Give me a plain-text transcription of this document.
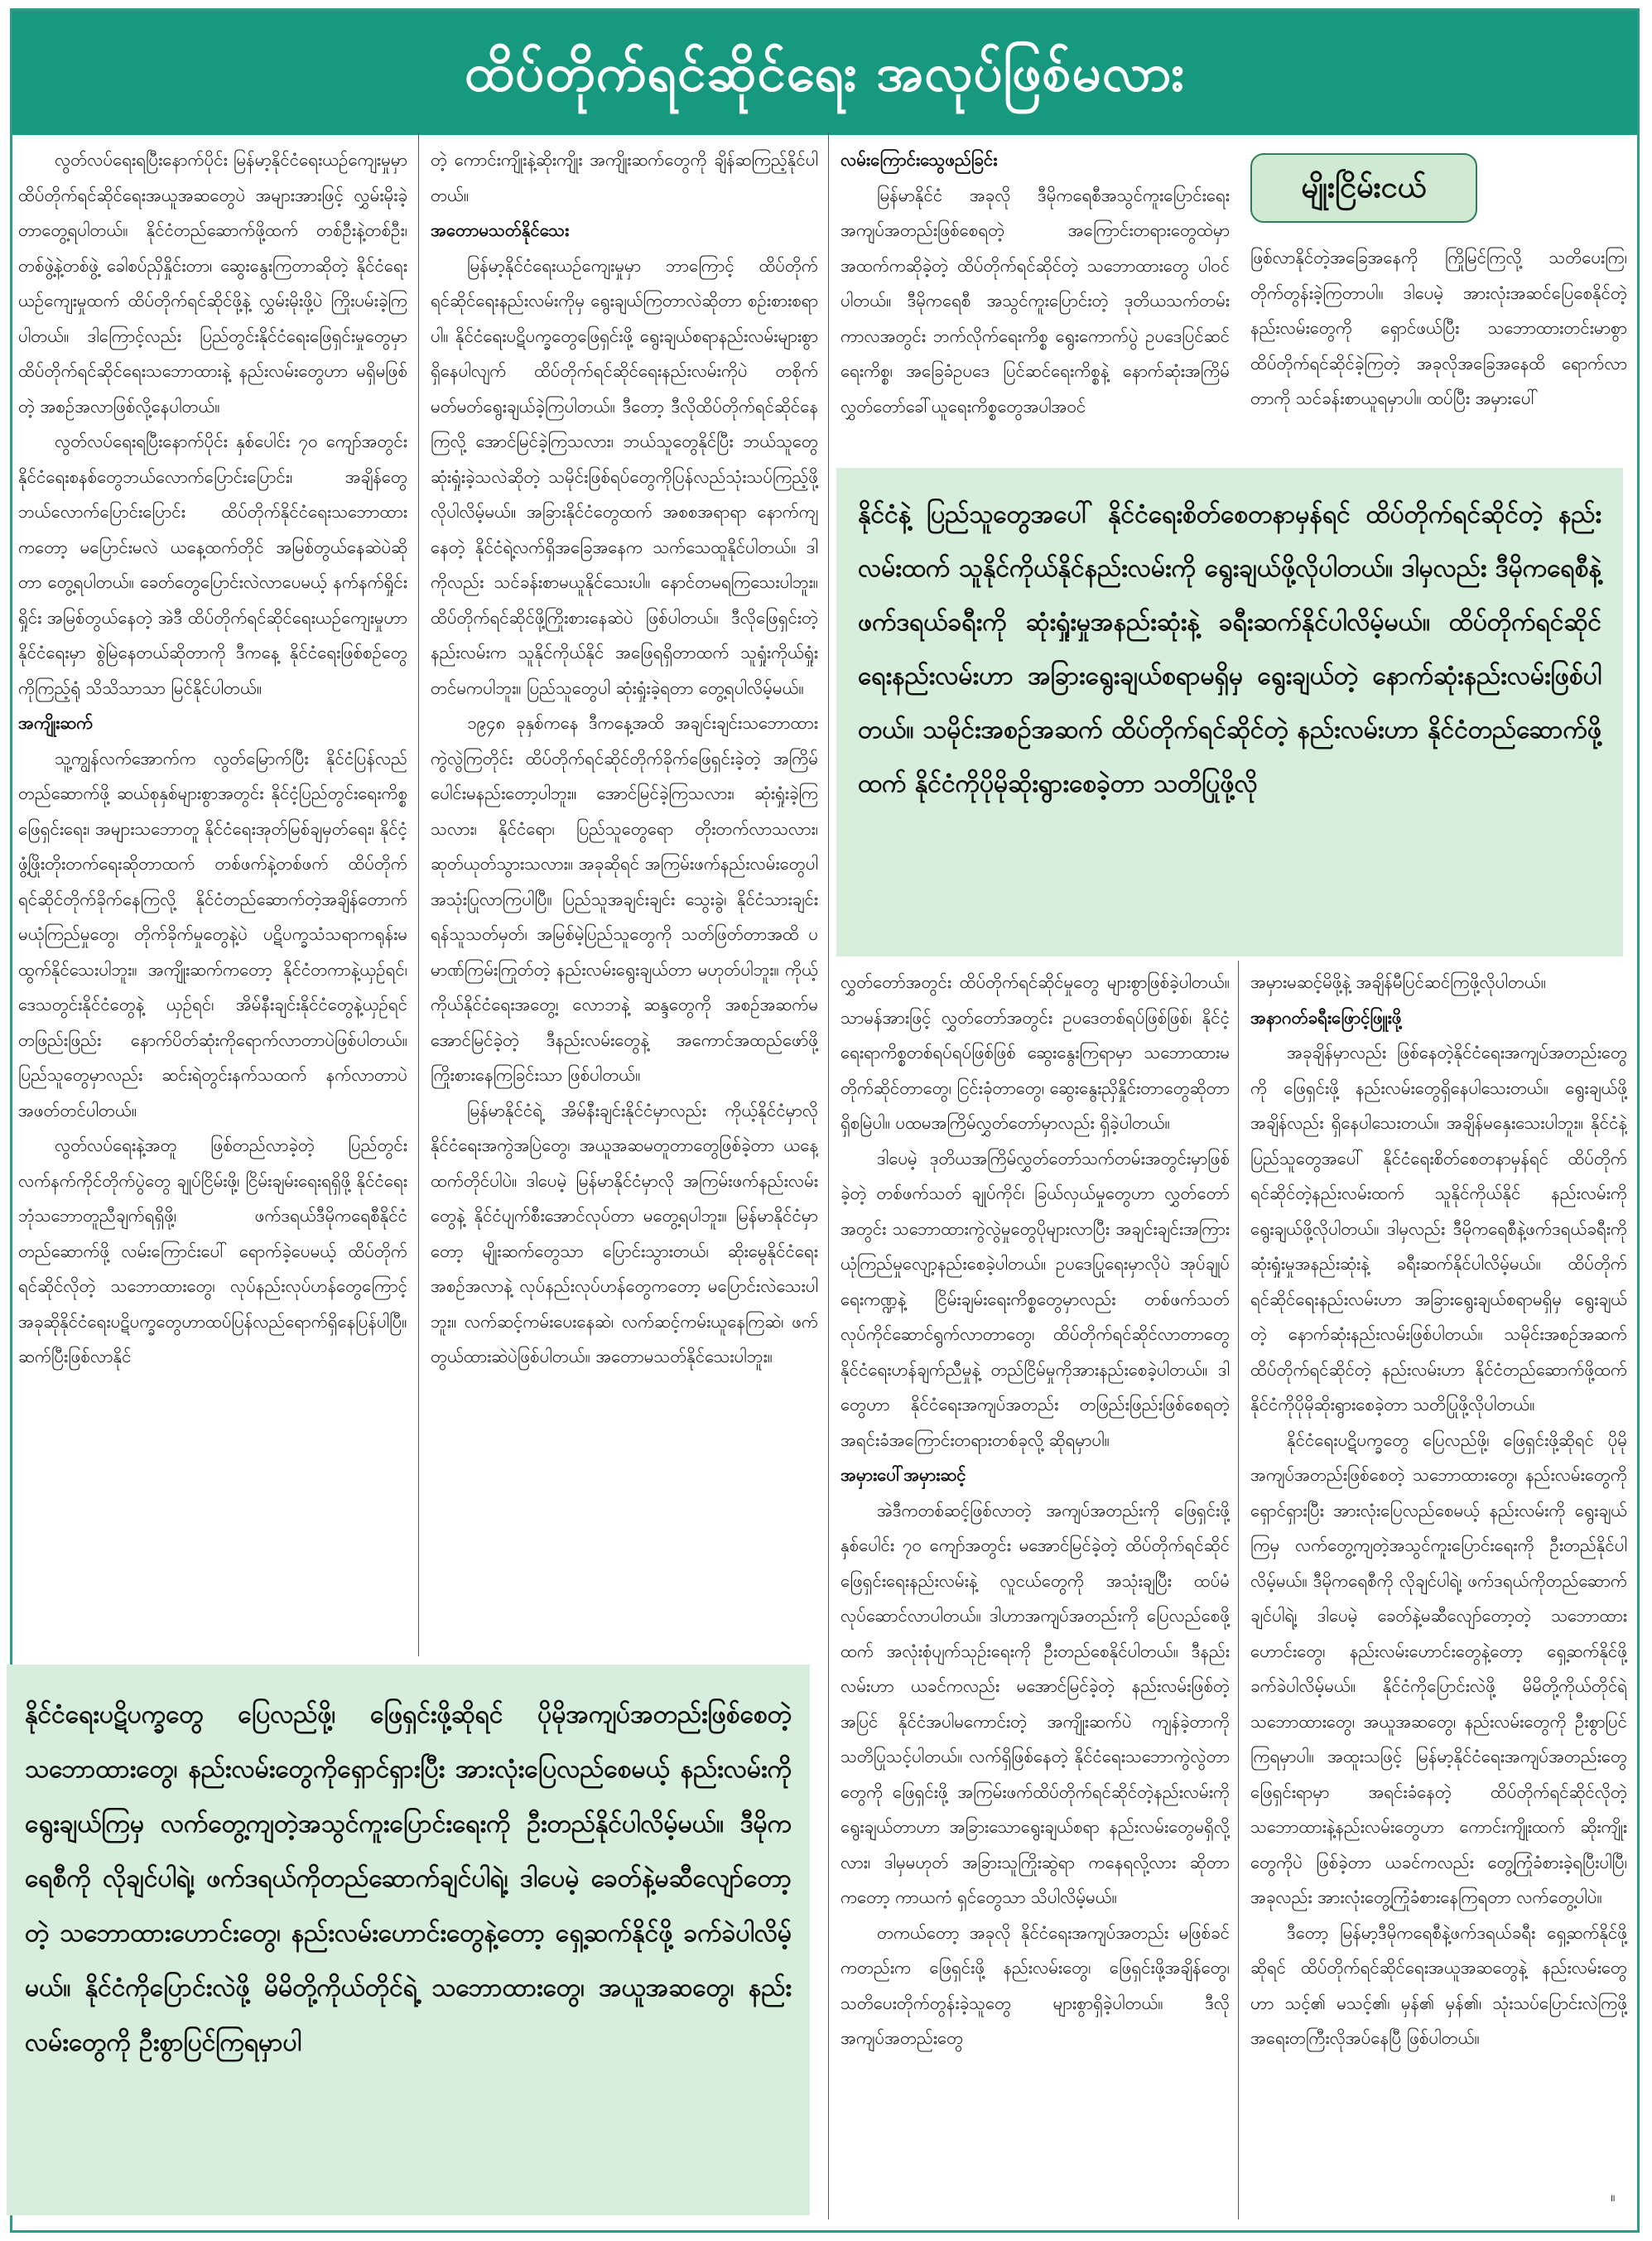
ထိပ်တိုက်ရင်ဆိုင်ရေး အလုပ်ဖြစ်မလား

လွတ်လပ်ရေးရပြီးနောက်ပိုင်း မြန်မာ့နိုင်ငံရေးယဉ်ကျေးမှုမှာ ထိပ်တိုက်ရင်ဆိုင်ရေးအယူအဆတွေပဲ အများအားဖြင့် လွှမ်းမိုးခဲ့တာတွေ့ရပါတယ်။ နိုင်ငံတည်ဆောက်ဖို့ထက် တစ်ဦးနဲ့တစ်ဦး၊ တစ်ဖွဲ့နဲ့တစ်ဖွဲ့ ခေါစပ်ညှိနှိုင်းတာ၊ ဆွေးနွေးကြတာဆိုတဲ့ နိုင်ငံရေးယဉ်ကျေးမှုထက် ထိပ်တိုက်ရင်ဆိုင်ဖို့နဲ့ လွှမ်းမိုးဖို့ပဲ ကြိုးပမ်းခဲ့ကြပါတယ်။ ဒါကြောင့်လည်း ပြည်တွင်းနိုင်ငံရေးဖြေရှင်းမှုတွေမှာ ထိပ်တိုက်ရင်ဆိုင်ရေးသဘောထားနဲ့ နည်းလမ်းတွေဟာ မရှိမဖြစ်တဲ့ အစဉ်အလာဖြစ်လို့နေပါတယ်။

လွတ်လပ်ရေးရပြီးနောက်ပိုင်း နှစ်ပေါင်း ၇၀ ကျော်အတွင်း နိုင်ငံရေးစနစ်တွေဘယ်လောက်ပြောင်းပြောင်း၊ အချိန်တွေဘယ်လောက်ပြောင်းပြောင်း ထိပ်တိုက်နိုင်ငံရေးသဘောထားကတော့ မပြောင်းမလဲ ယနေ့ထက်တိုင် အမြစ်တွယ်နေဆဲပဲဆိုတာ တွေ့ရပါတယ်။ ခေတ်တွေပြောင်းလဲလာပေမယ့် နက်နက်ရှိုင်းရှိုင်း အမြစ်တွယ်နေတဲ့ အဲဒီ ထိပ်တိုက်ရင်ဆိုင်ရေးယဉ်ကျေးမှုဟာ နိုင်ငံရေးမှာ စွဲမြဲနေတယ်ဆိုတာကို ဒီကနေ့ နိုင်ငံရေးဖြစ်စဉ်တွေကိုကြည့်ရုံ သိသိသာသာ မြင်နိုင်ပါတယ်။

အကျိုးဆက်

သူ့ကျွန်လက်အောက်က လွတ်မြောက်ပြီး နိုင်ငံပြန်လည်တည်ဆောက်ဖို့ ဆယ်စုနှစ်များစွာအတွင်း နိုင်ငံ့ပြည်တွင်းရေးကိစ္စဖြေရှင်းရေး၊ အများသဘောတူ နိုင်ငံရေးအုတ်မြစ်ချမှတ်ရေး၊ နိုင်ငံ့ဖွံ့ဖြိုးတိုးတက်ရေးဆိုတာထက် တစ်ဖက်နဲ့တစ်ဖက် ထိပ်တိုက်ရင်ဆိုင်တိုက်ခိုက်နေကြလို့ နိုင်ငံတည်ဆောက်တဲ့အချိန်တောက် မယုံကြည်မှုတွေ၊ တိုက်ခိုက်မှုတွေနဲ့ပဲ ပဋိပက္ခသံသရာကရုန်းမထွက်နိုင်သေးပါဘူး။ အကျိုးဆက်ကတော့ နိုင်ငံတကာနဲ့ယှဉ်ရင်၊ ဒေသတွင်းနိုင်ငံတွေနဲ့ ယှဉ်ရင်၊ အိမ်နီးချင်းနိုင်ငံတွေနဲ့ယှဉ်ရင် တဖြည်းဖြည်း နောက်ပိတ်ဆုံးကိုရောက်လာတာပဲဖြစ်ပါတယ်။ ပြည်သူတွေမှာလည်း ဆင်းရဲတွင်းနက်သထက် နက်လာတာပဲ အဖတ်တင်ပါတယ်။

လွတ်လပ်ရေးနဲ့အတူ ဖြစ်တည်လာခဲ့တဲ့ ပြည်တွင်းလက်နက်ကိုင်တိုက်ပွဲတွေ ချုပ်ငြိမ်းဖို့၊ ငြိမ်းချမ်းရေးရရှိဖို့ နိုင်ငံရေးဘုံသဘောတူညီချက်ရရှိဖို့၊ ဖက်ဒရယ်ဒီမိုကရေစီနိုင်ငံ တည်ဆောက်ဖို့ လမ်းကြောင်းပေါ် ရောက်ခဲ့ပေမယ့် ထိပ်တိုက်ရင်ဆိုင်လိုတဲ့ သဘောထားတွေ၊ လုပ်နည်းလုပ်ဟန်တွေကြောင့် အခုဆိုနိုင်ငံရေးပဋိပက္ခတွေဟာထပ်ပြန်လည်ရောက်ရှိနေပြန်ပါပြီ။ ဆက်ပြီးဖြစ်လာနိုင်

တဲ့ ကောင်းကျိုးနဲ့ဆိုးကျိုး အကျိုးဆက်တွေကို ချိန်ဆကြည့်နိုင်ပါတယ်။

အတောမသတ်နိုင်သေး

မြန်မာ့နိုင်ငံရေးယဉ်ကျေးမှုမှာ ဘာကြောင့် ထိပ်တိုက်ရင်ဆိုင်ရေးနည်းလမ်းကိုမှ ရွေးချယ်ကြတာလဲဆိုတာ စဉ်းစားစရာပါ။ နိုင်ငံရေးပဋိပက္ခတွေဖြေရှင်းဖို့ ရွေးချယ်စရာနည်းလမ်းများစွာရှိနေပါလျက် ထိပ်တိုက်ရင်ဆိုင်ရေးနည်းလမ်းကိုပဲ တစိုက်မတ်မတ်ရွေးချယ်ခဲ့ကြပါတယ်။ ဒီတော့ ဒီလိုထိပ်တိုက်ရင်ဆိုင်နေကြလို့ အောင်မြင်ခဲ့ကြသလား၊ ဘယ်သူတွေနိုင်ပြီး ဘယ်သူတွေဆုံးရှုံးခဲ့သလဲဆိုတဲ့ သမိုင်းဖြစ်ရပ်တွေကိုပြန်လည်သုံးသပ်ကြည့်ဖို့ လိုပါလိမ့်မယ်။ အခြားနိုင်ငံတွေထက် အစစအရာရာ နောက်ကျနေတဲ့ နိုင်ငံရဲ့လက်ရှိအခြေအနေက သက်သေထူနိုင်ပါတယ်။ ဒါကိုလည်း သင်ခန်းစာမယူနိုင်သေးပါ။ နောင်တမရကြသေးပါဘူး။ ထိပ်တိုက်ရင်ဆိုင်ဖို့ကြိုးစားနေဆဲပဲ ဖြစ်ပါတယ်။ ဒီလိုဖြေရှင်းတဲ့နည်းလမ်းက သူနိုင်ကိုယ်နိုင် အဖြေရရှိတာထက် သူရှုံးကိုယ်ရှုံးတင်မကပါဘူး။ ပြည်သူတွေပါ ဆုံးရှုံးခဲ့ရတာ တွေ့ရပါလိမ့်မယ်။

၁၉၄၈ ခုနှစ်ကနေ ဒီကနေ့အထိ အချင်းချင်းသဘောထားကွဲလွဲကြတိုင်း ထိပ်တိုက်ရင်ဆိုင်တိုက်ခိုက်ဖြေရှင်းခဲ့တဲ့ အကြိမ်ပေါင်းမနည်းတော့ပါဘူး။ အောင်မြင်ခဲ့ကြသလား၊ ဆုံးရှုံးခဲ့ကြသလား၊ နိုင်ငံရော၊ ပြည်သူတွေရော တိုးတက်လာသလား၊ ဆုတ်ယုတ်သွားသလား။ အခုဆိုရင် အကြမ်းဖက်နည်းလမ်းတွေပါ အသုံးပြုလာကြပါပြီ။ ပြည်သူအချင်းချင်း သွေးခွဲ၊ နိုင်ငံသားချင်း ရန်သူသတ်မှတ်၊ အမြစ်မဲ့ပြည်သူတွေကို သတ်ဖြတ်တာအထိ ပမာဏ်ကြမ်းကြုတ်တဲ့ နည်းလမ်းရွေးချယ်တာ မဟုတ်ပါဘူး။ ကိုယ့်ကိုယ်နိုင်ငံရေးအတွေ့၊ လောဘနဲ့ ဆန္ဒတွေကို အစဉ်အဆက်မအောင်မြင်ခဲ့တဲ့ ဒီနည်းလမ်းတွေနဲ့ အကောင်အထည်ဖော်ဖို့ ကြိုးစားနေကြခြင်းသာ ဖြစ်ပါတယ်။

မြန်မာနိုင်ငံရဲ့ အိမ်နီးချင်းနိုင်ငံမှာလည်း ကိုယ့်နိုင်ငံမှာလို နိုင်ငံရေးအကွဲအပြဲတွေ၊ အယူအဆမတူတာတွေဖြစ်ခဲ့တာ ယနေ့ထက်တိုင်ပါပဲ။ ဒါပေမဲ့ မြန်မာနိုင်ငံမှာလို အကြမ်းဖက်နည်းလမ်းတွေနဲ့ နိုင်ငံပျက်စီးအောင်လုပ်တာ မတွေ့ရပါဘူး။ မြန်မာနိုင်ငံမှာတော့ မျိုးဆက်တွေသာ ပြောင်းသွားတယ်၊ ဆိုးမွေနိုင်ငံရေး အစဉ်အလာနဲ့ လုပ်နည်းလုပ်ဟန်တွေကတော့ မပြောင်းလဲသေးပါဘူး။ လက်ဆင့်ကမ်းပေးနေဆဲ၊ လက်ဆင့်ကမ်းယူနေကြဆဲ၊ ဖက်တွယ်ထားဆဲပဲဖြစ်ပါတယ်။ အတောမသတ်နိုင်သေးပါဘူး။

လမ်းကြောင်းသွေဖည်ခြင်း

မြန်မာနိုင်ငံ အခုလို ဒီမိုကရေစီအသွင်ကူးပြောင်းရေးအကျပ်အတည်းဖြစ်စေရတဲ့ အကြောင်းတရားတွေထဲမှာ အထက်ကဆိုခဲ့တဲ့ ထိပ်တိုက်ရင်ဆိုင်တဲ့ သဘောထားတွေ ပါဝင်ပါတယ်။ ဒီမိုကရေစီ အသွင်ကူးပြောင်းတဲ့ ဒုတိယသက်တမ်းကာလအတွင်း ဘက်လိုက်ရေးကိစ္စ ရွေးကောက်ပွဲ ဥပဒေပြင်ဆင်ရေးကိစ္စ၊ အခြေခံဥပဒေ ပြင်ဆင်ရေးကိစ္စနဲ့ နောက်ဆုံးအကြိမ် လွှတ်တော်ခေါ်ယူရေးကိစ္စတွေအပါအဝင်

မျိုးငြိမ်းငယ်

ဖြစ်လာနိုင်တဲ့အခြေအနေကို ကြိုမြင်ကြလို့ သတိပေးကြ၊ တိုက်တွန်းခဲ့ကြတာပါ။ ဒါပေမဲ့ အားလုံးအဆင်ပြေစေနိုင်တဲ့ နည်းလမ်းတွေကို ရှောင်ဖယ်ပြီး သဘောထားတင်းမာစွာ ထိပ်တိုက်ရင်ဆိုင်ခဲ့ကြတဲ့ အခုလိုအခြေအနေထိ ရောက်လာတာကို သင်ခန်းစာယူရမှာပါ။ ထပ်ပြီး အမှားပေါ်

နိုင်ငံနဲ့ ပြည်သူတွေအပေါ် နိုင်ငံရေးစိတ်စေတနာမှန်ရင် ထိပ်တိုက်ရင်ဆိုင်တဲ့ နည်းလမ်းထက် သူနိုင်ကိုယ်နိုင်နည်းလမ်းကို ရွေးချယ်ဖို့လိုပါတယ်။ ဒါမှလည်း ဒီမိုကရေစီနဲ့ဖက်ဒရယ်ခရီးကို ဆုံးရှုံးမှုအနည်းဆုံးနဲ့ ခရီးဆက်နိုင်ပါလိမ့်မယ်။ ထိပ်တိုက်ရင်ဆိုင်ရေးနည်းလမ်းဟာ အခြားရွေးချယ်စရာမရှိမှ ရွေးချယ်တဲ့ နောက်ဆုံးနည်းလမ်းဖြစ်ပါတယ်။ သမိုင်းအစဉ်အဆက် ထိပ်တိုက်ရင်ဆိုင်တဲ့ နည်းလမ်းဟာ နိုင်ငံတည်ဆောက်ဖို့ထက် နိုင်ငံကိုပိုမိုဆိုးရွားစေခဲ့တာ သတိပြုဖို့လို

လွှတ်တော်အတွင်း ထိပ်တိုက်ရင်ဆိုင်မှုတွေ များစွာဖြစ်ခဲ့ပါတယ်။ သာမန်အားဖြင့် လွှတ်တော်အတွင်း ဥပဒေတစ်ရပ်ဖြစ်ဖြစ်၊ နိုင်ငံ့ရေးရာကိစ္စတစ်ရပ်ရပ်ဖြစ်ဖြစ် ဆွေးနွေးကြရာမှာ သဘောထားမတိုက်ဆိုင်တာတွေ၊ ငြင်းခုံတာတွေ၊ ဆွေးနွေးညှိနှိုင်းတာတွေဆိုတာ ရှိစမြဲပါ။ ပထမအကြိမ်လွှတ်တော်မှာလည်း ရှိခဲ့ပါတယ်။

ဒါပေမဲ့ ဒုတိယအကြိမ်လွှတ်တော်သက်တမ်းအတွင်းမှာဖြစ်ခဲ့တဲ့ တစ်ဖက်သတ် ချုပ်ကိုင်၊ ခြယ်လှယ်မှုတွေဟာ လွှတ်တော်အတွင်း သဘောထားကွဲလွဲမှုတွေပိုများလာပြီး အချင်းချင်းအကြား ယုံကြည်မှုလျော့နည်းစေခဲ့ပါတယ်။ ဥပဒေပြုရေးမှာလိုပဲ အုပ်ချုပ်ရေးကဏ္ဍနဲ့ ငြိမ်းချမ်းရေးကိစ္စတွေမှာလည်း တစ်ဖက်သတ် လုပ်ကိုင်ဆောင်ရွက်လာတာတွေ၊ ထိပ်တိုက်ရင်ဆိုင်လာတာတွေ နိုင်ငံရေးဟန်ချက်ညီမှုနဲ့ တည်ငြိမ်မှုကိုအားနည်းစေခဲ့ပါတယ်။ ဒါတွေဟာ နိုင်ငံရေးအကျပ်အတည်း တဖြည်းဖြည်းဖြစ်စေရတဲ့ အရင်းခံအကြောင်းတရားတစ်ခုလို့ ဆိုရမှာပါ။

အမှားပေါ်အမှားဆင့်

အဲဒီကတစ်ဆင့်ဖြစ်လာတဲ့ အကျပ်အတည်းကို ဖြေရှင်းဖို့ နှစ်ပေါင်း ၇၀ ကျော်အတွင်း မအောင်မြင်ခဲ့တဲ့ ထိပ်တိုက်ရင်ဆိုင်ဖြေရှင်းရေးနည်းလမ်းနဲ့ လူငယ်တွေကို အသုံးချပြီး ထပ်မံလုပ်ဆောင်လာပါတယ်။ ဒါဟာအကျပ်အတည်းကို ပြေလည်စေဖို့ထက် အလုံးစုံပျက်သုဉ်းရေးကို ဦးတည်စေနိုင်ပါတယ်။ ဒီနည်းလမ်းဟာ ယခင်ကလည်း မအောင်မြင်ခဲ့တဲ့ နည်းလမ်းဖြစ်တဲ့အပြင် နိုင်ငံအပါမကောင်းတဲ့ အကျိုးဆက်ပဲ ကျန်ခဲ့တာကို သတိပြုသင့်ပါတယ်။ လက်ရှိဖြစ်နေတဲ့ နိုင်ငံရေးသဘောကွဲလွဲတာတွေကို ဖြေရှင်းဖို့ အကြမ်းဖက်ထိပ်တိုက်ရင်ဆိုင်တဲ့နည်းလမ်းကို ရွေးချယ်တာဟာ အခြားသောရွေးချယ်စရာ နည်းလမ်းတွေမရှိလို့လား၊ ဒါမှမဟုတ် အခြားသူကြိုးဆွဲရာ ကနေရလို့လား ဆိုတာကတော့ ကာယကံ ရှင်တွေသာ သိပါလိမ့်မယ်။

တကယ်တော့ အခုလို နိုင်ငံရေးအကျပ်အတည်း မဖြစ်ခင်ကတည်းက ဖြေရှင်းဖို့ နည်းလမ်းတွေ၊ ဖြေရှင်းဖို့အချိန်တွေ၊ သတိပေးတိုက်တွန်းခဲ့သူတွေ များစွာရှိခဲ့ပါတယ်။ ဒီလိုအကျပ်အတည်းတွေ

အမှားမဆင့်မိဖို့နဲ့ အချိန်မီပြင်ဆင်ကြဖို့လိုပါတယ်။

အနာဂတ်ခရီးဖြောင့်ဖြူးဖို့

အခုချိန်မှာလည်း ဖြစ်နေတဲ့နိုင်ငံရေးအကျပ်အတည်းတွေကို ဖြေရှင်းဖို့ နည်းလမ်းတွေရှိနေပါသေးတယ်။ ရွေးချယ်ဖို့အချိန်လည်း ရှိနေပါသေးတယ်။ အချိန်မနှေးသေးပါဘူး။ နိုင်ငံနဲ့ ပြည်သူတွေအပေါ် နိုင်ငံရေးစိတ်စေတနာမှန်ရင် ထိပ်တိုက်ရင်ဆိုင်တဲ့နည်းလမ်းထက် သူနိုင်ကိုယ်နိုင် နည်းလမ်းကို ရွေးချယ်ဖို့လိုပါတယ်။ ဒါမှလည်း ဒီမိုကရေစီနဲ့ဖက်ဒရယ်ခရီးကို ဆုံးရှုံးမှုအနည်းဆုံးနဲ့ ခရီးဆက်နိုင်ပါလိမ့်မယ်။ ထိပ်တိုက်ရင်ဆိုင်ရေးနည်းလမ်းဟာ အခြားရွေးချယ်စရာမရှိမှ ရွေးချယ်တဲ့ နောက်ဆုံးနည်းလမ်းဖြစ်ပါတယ်။ သမိုင်းအစဉ်အဆက် ထိပ်တိုက်ရင်ဆိုင်တဲ့ နည်းလမ်းဟာ နိုင်ငံတည်ဆောက်ဖို့ထက် နိုင်ငံကိုပိုမိုဆိုးရွားစေခဲ့တာ သတိပြုဖို့လိုပါတယ်။

နိုင်ငံရေးပဋိပက္ခတွေ ပြေလည်ဖို့၊ ဖြေရှင်းဖို့ဆိုရင် ပိုမိုအကျပ်အတည်းဖြစ်စေတဲ့ သဘောထားတွေ၊ နည်းလမ်းတွေကို ရှောင်ရှားပြီး အားလုံးပြေလည်စေမယ့် နည်းလမ်းကို ရွေးချယ်ကြမှ လက်တွေ့ကျတဲ့အသွင်ကူးပြောင်းရေးကို ဦးတည်နိုင်ပါလိမ့်မယ်။ ဒီမိုကရေစီကို လိုချင်ပါရဲ့၊ ဖက်ဒရယ်ကိုတည်ဆောက်ချင်ပါရဲ့၊ ဒါပေမဲ့ ခေတ်နဲ့မဆီလျော်တော့တဲ့ သဘောထားဟောင်းတွေ၊ နည်းလမ်းဟောင်းတွေနဲ့တော့ ရှေ့ဆက်နိုင်ဖို့ ခက်ခဲပါလိမ့်မယ်။ နိုင်ငံကိုပြောင်းလဲဖို့ မိမိတို့ကိုယ်တိုင်ရဲ့ သဘောထားတွေ၊ အယူအဆတွေ၊ နည်းလမ်းတွေကို ဦးစွာပြင်ကြရမှာပါ။ အထူးသဖြင့် မြန်မာ့နိုင်ငံရေးအကျပ်အတည်းတွေဖြေရှင်းရာမှာ အရင်းခံနေတဲ့ ထိပ်တိုက်ရင်ဆိုင်လိုတဲ့ သဘောထားနဲ့နည်းလမ်းတွေဟာ ကောင်းကျိုးထက် ဆိုးကျိုးတွေကိုပဲ ဖြစ်ခဲ့တာ ယခင်ကလည်း တွေ့ကြုံခံစားခဲ့ရပြီးပါပြီ၊ အခုလည်း အားလုံးတွေ့ကြုံခံစားနေကြရတာ လက်တွေ့ပါပဲ။

ဒီတော့ မြန်မာ့ဒီမိုကရေစီနဲ့ဖက်ဒရယ်ခရီး ရှေ့ဆက်နိုင်ဖို့ဆိုရင် ထိပ်တိုက်ရင်ဆိုင်ရေးအယူအဆတွေနဲ့ နည်းလမ်းတွေဟာ သင့်၏ မသင့်၏၊ မှန်၏ မှန်၏၊ သုံးသပ်ပြောင်းလဲကြဖို့ အရေးတကြီးလိုအပ်နေပြီ ဖြစ်ပါတယ်။

။

နိုင်ငံရေးပဋိပက္ခတွေ ပြေလည်ဖို့၊ ဖြေရှင်းဖို့ဆိုရင် ပိုမိုအကျပ်အတည်းဖြစ်စေတဲ့ သဘောထားတွေ၊ နည်းလမ်းတွေကိုရှောင်ရှားပြီး အားလုံးပြေလည်စေမယ့် နည်းလမ်းကို ရွေးချယ်ကြမှ လက်တွေ့ကျတဲ့အသွင်ကူးပြောင်းရေးကို ဦးတည်နိုင်ပါလိမ့်မယ်။ ဒီမိုကရေစီကို လိုချင်ပါရဲ့၊ ဖက်ဒရယ်ကိုတည်ဆောက်ချင်ပါရဲ့၊ ဒါပေမဲ့ ခေတ်နဲ့မဆီလျော်တော့တဲ့ သဘောထားဟောင်းတွေ၊ နည်းလမ်းဟောင်းတွေနဲ့တော့ ရှေ့ဆက်နိုင်ဖို့ ခက်ခဲပါလိမ့်မယ်။ နိုင်ငံကိုပြောင်းလဲဖို့ မိမိတို့ကိုယ်တိုင်ရဲ့ သဘောထားတွေ၊ အယူအဆတွေ၊ နည်းလမ်းတွေကို ဦးစွာပြင်ကြရမှာပါ
